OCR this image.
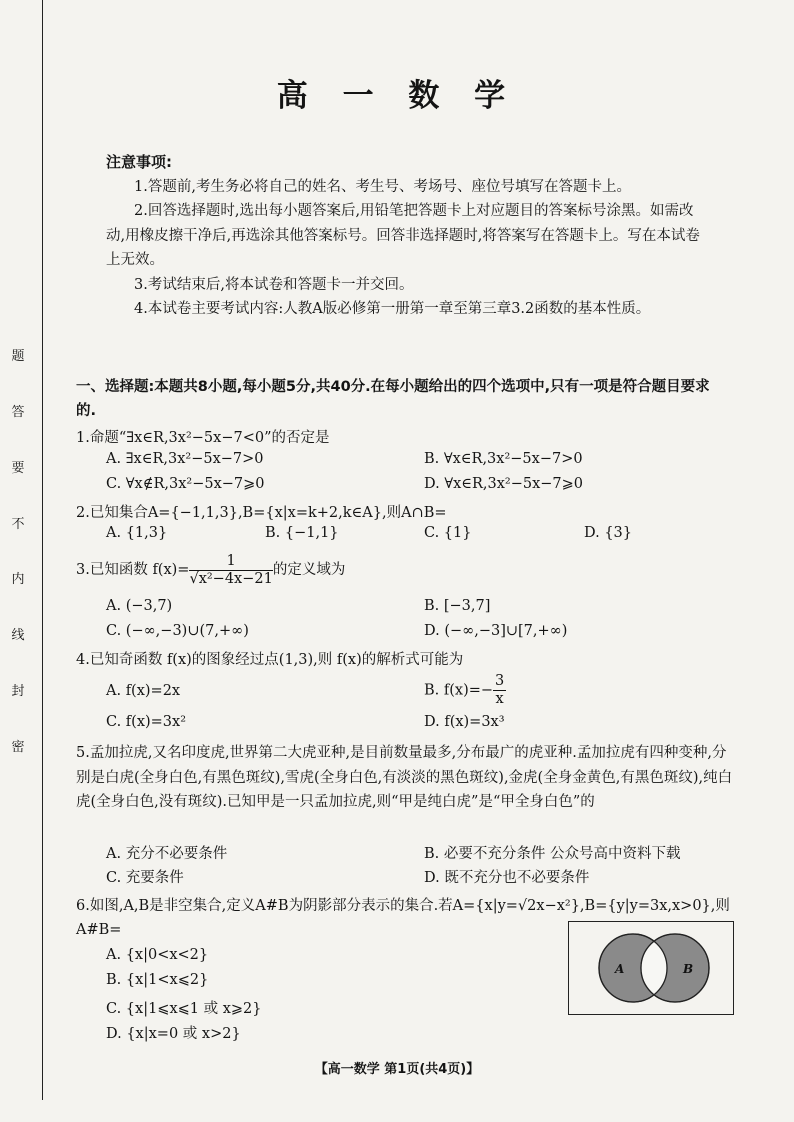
题
答
要
不
内
线
封
密
高 一 数 学
注意事项:

1.答题前,考生务必将自己的姓名、考生号、考场号、座位号填写在答题卡上。

2.回答选择题时,选出每小题答案后,用铅笔把答题卡上对应题目的答案标号涂黑。如需改动,用橡皮擦干净后,再选涂其他答案标号。回答非选择题时,将答案写在答题卡上。写在本试卷上无效。

3.考试结束后,将本试卷和答题卡一并交回。

4.本试卷主要考试内容:人教A版必修第一册第一章至第三章3.2函数的基本性质。

一、选择题:本题共8小题,每小题5分,共40分.在每小题给出的四个选项中,只有一项是符合题目要求的.
1.命题“∃x∈R,3x²−5x−7<0”的否定是
A. ∃x∈R,3x²−5x−7>0	B. ∀x∈R,3x²−5x−7>0
C. ∀x∉R,3x²−5x−7⩾0	D. ∀x∈R,3x²−5x−7⩾0
2.已知集合A={−1,1,3},B={x|x=k+2,k∈A},则A∩B=
A. {1,3}	B. {−1,1}	C. {1}	D. {3}
3.已知函数 $f(x)= \frac{1}{\text{√x²−4x−21}}$ 的定义域为
A. (−3,7)	B. [−3,7]
C. (−∞,−3)∪(7,+∞)	D. (−∞,−3]∪[7,+∞)
4.已知奇函数 f(x)的图象经过点(1,3),则 f(x)的解析式可能为
A. f(x)=2x	B. $f(x)=- \frac{3}{x}$
C. f(x)=3x²	D. f(x)=3x³
5.孟加拉虎,又名印度虎,世界第二大虎亚种,是目前数量最多,分布最广的虎亚种.孟加拉虎有四种变种,分别是白虎(全身白色,有黑色斑纹),雪虎(全身白色,有淡淡的黑色斑纹),金虎(全身金黄色,有黑色斑纹),纯白虎(全身白色,没有斑纹).已知甲是一只孟加拉虎,则“甲是纯白虎”是“甲全身白色”的
A. 充分不必要条件	B. 必要不充分条件 公众号高中资料下载
C. 充要条件	D. 既不充分也不必要条件
6.如图,A,B是非空集合,定义A#B为阴影部分表示的集合.若A={x|y=√2x−x²},B={y|y=3x,x>0},则A#B=
A. {x|0<x<2}
B. {x|1<x⩽2}
C. {x|1⩽x⩽1 或 x⩾2}
D. {x|x=0 或 x>2}
A	B
【高一数学 第1页(共4页)】
